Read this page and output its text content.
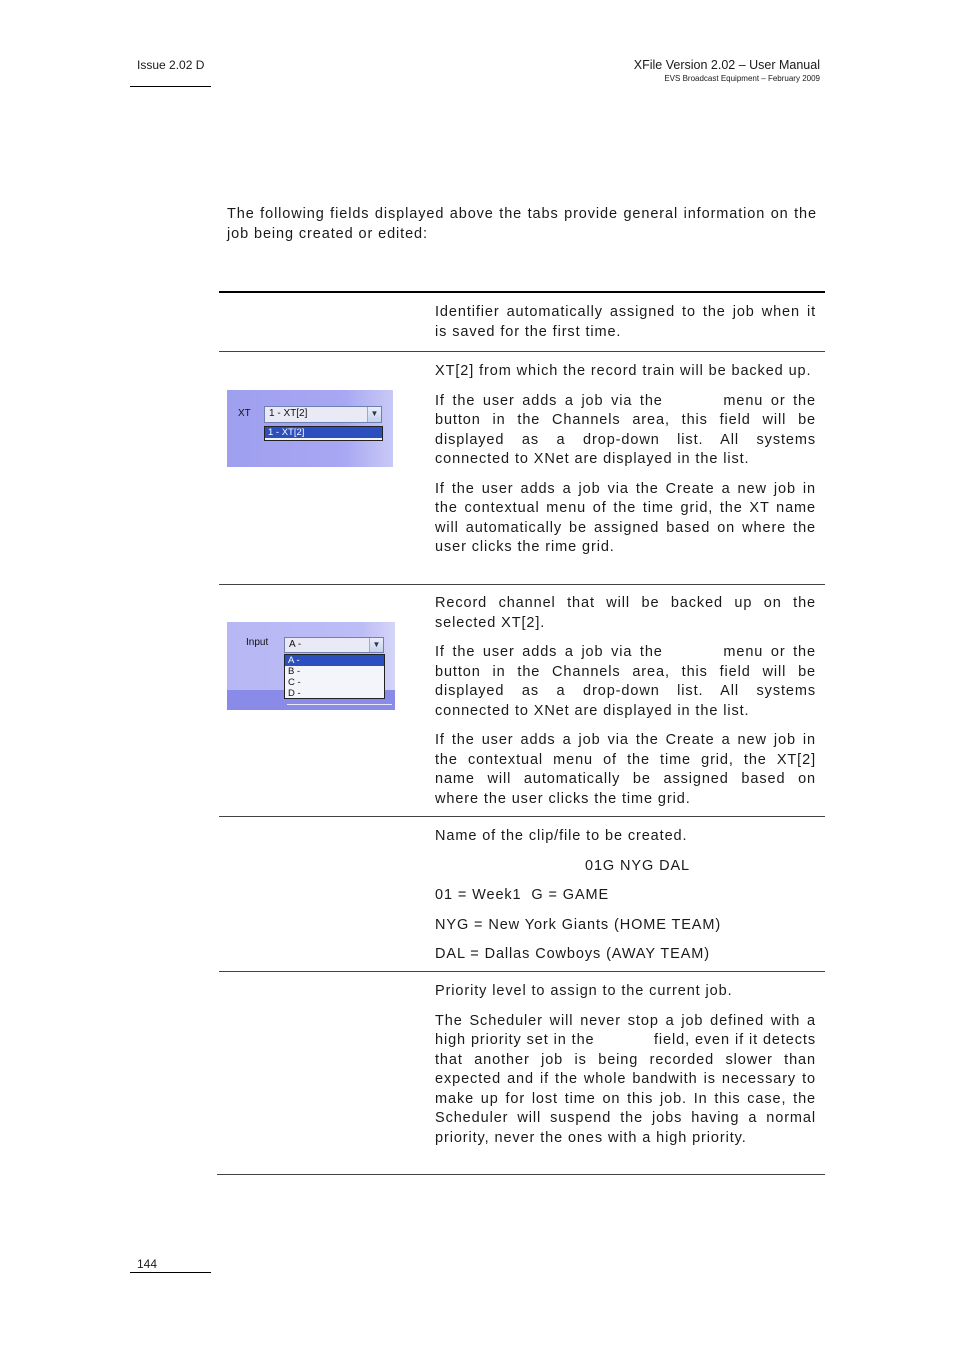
Issue 2.02 D	XFile Version 2.02 – User Manual
EVS Broadcast Equipment – February 2009
The following fields displayed above the tabs provide general information on the job being created or edited:

Identifier automatically assigned to the job when it is saved for the first time.

XT	1 - XT[2]	▼
1 - XT[2]

XT[2] from which the record train will be backed up.

If the user adds a job via the        menu or the        button in the Channels area, this field will be displayed as a drop-down list. All systems connected to XNet are displayed in the list.

If the user adds a job via the Create a new job in the contextual menu of the time grid, the XT name will automatically be assigned based on where the user clicks the rime grid.

Input	A -	▼
A -
B -
C -
D -

Record channel that will be backed up on the selected XT[2].

If the user adds a job via the        menu or the        button in the Channels area, this field will be displayed as a drop-down list. All systems connected to XNet are displayed in the list.

If the user adds a job via the Create a new job in the contextual menu of the time grid, the XT[2] name will automatically be assigned based on where the user clicks the time grid.

Name of the clip/file to be created.

01G NYG DAL

01 = Week1  G = GAME

NYG = New York Giants (HOME TEAM)

DAL = Dallas Cowboys (AWAY TEAM)

Priority level to assign to the current job.

The Scheduler will never stop a job defined with a high priority set in the            field, even if it detects that another job is being recorded slower than expected and if the whole bandwith is necessary to make up for lost time on this job. In this case, the Scheduler will suspend the jobs having a normal priority, never the ones with a high priority.

144
